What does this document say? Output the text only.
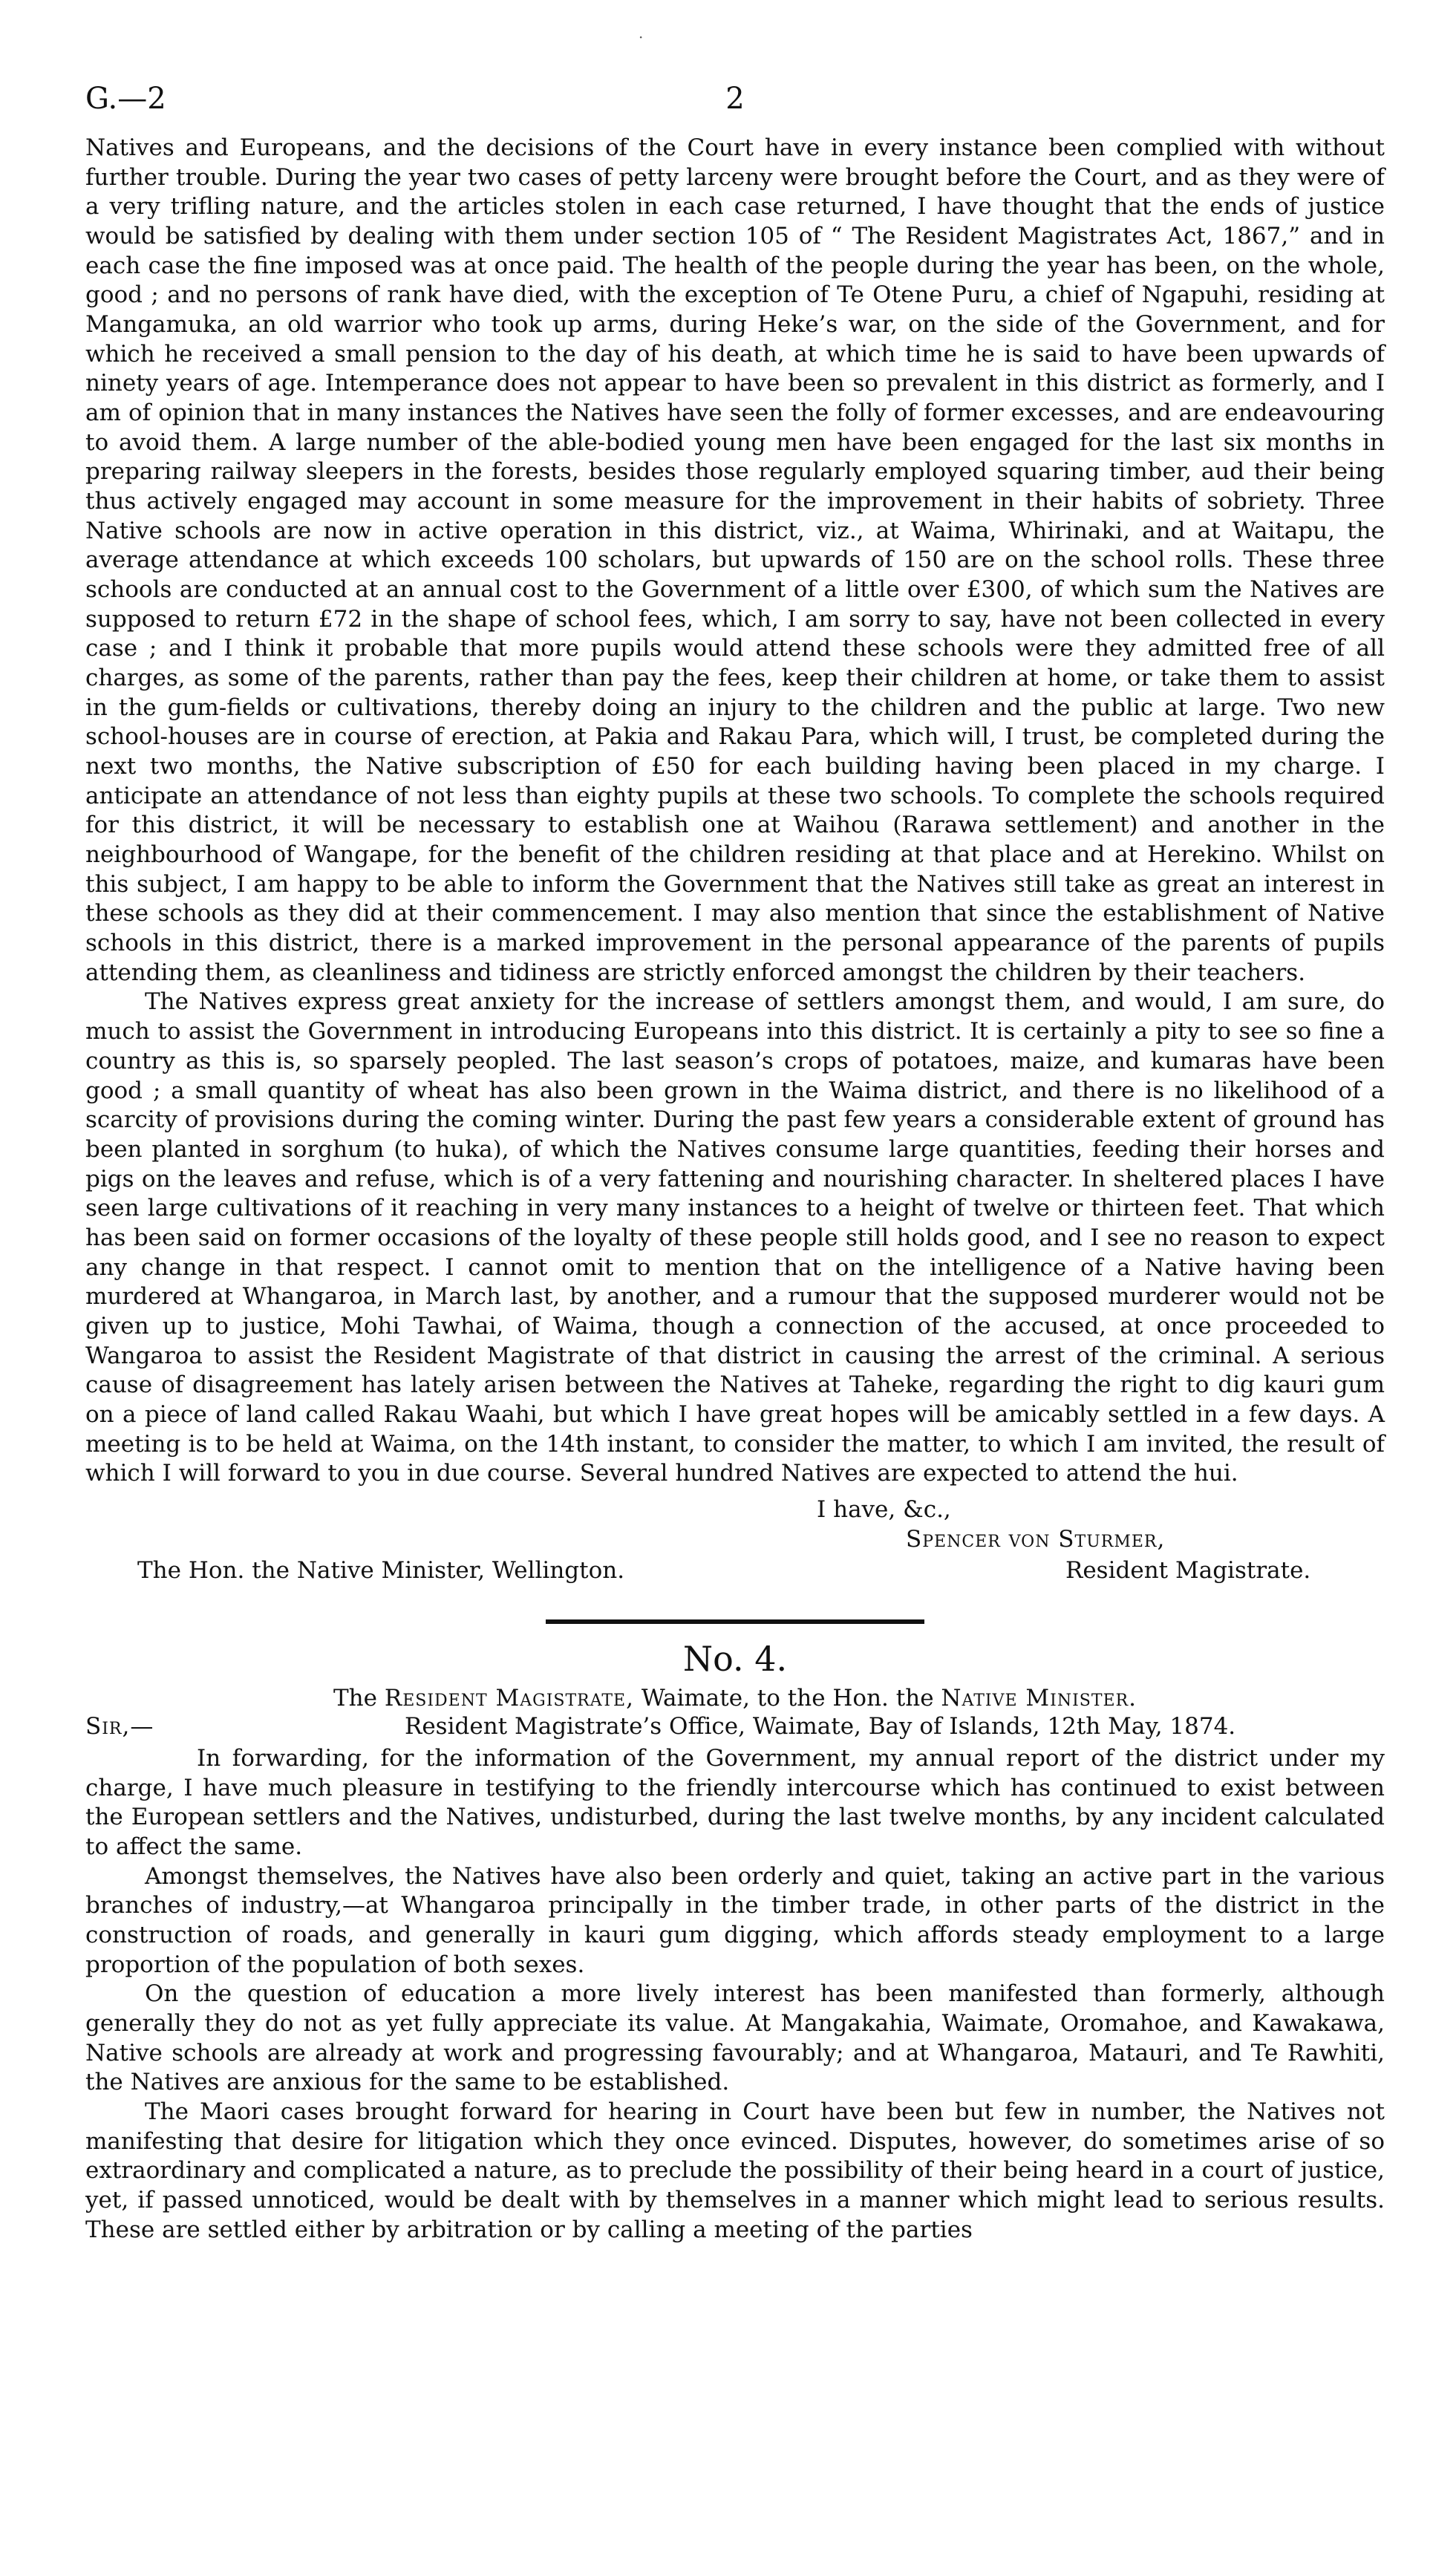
G.—2	2

Natives and Europeans, and the decisions of the Court have in every instance been complied with without further trouble. During the year two cases of petty larceny were brought before the Court, and as they were of a very trifling nature, and the articles stolen in each case returned, I have thought that the ends of justice would be satisfied by dealing with them under section 105 of “ The Resident Magistrates Act, 1867,” and in each case the fine imposed was at once paid. The health of the people during the year has been, on the whole, good ; and no persons of rank have died, with the exception of Te Otene Puru, a chief of Ngapuhi, residing at Mangamuka, an old warrior who took up arms, during Heke’s war, on the side of the Government, and for which he received a small pension to the day of his death, at which time he is said to have been upwards of ninety years of age. Intemperance does not appear to have been so prevalent in this district as formerly, and I am of opinion that in many instances the Natives have seen the folly of former excesses, and are endeavouring to avoid them. A large number of the able-bodied young men have been engaged for the last six months in preparing railway sleepers in the forests, besides those regularly employed squaring timber, aud their being thus actively engaged may account in some measure for the improvement in their habits of sobriety. Three Native schools are now in active operation in this district, viz., at Waima, Whirinaki, and at Waitapu, the average attendance at which exceeds 100 scholars, but upwards of 150 are on the school rolls. These three schools are conducted at an annual cost to the Government of a little over £300, of which sum the Natives are supposed to return £72 in the shape of school fees, which, I am sorry to say, have not been collected in every case ; and I think it probable that more pupils would attend these schools were they admitted free of all charges, as some of the parents, rather than pay the fees, keep their children at home, or take them to assist in the gum-fields or cultivations, thereby doing an injury to the children and the public at large. Two new school-houses are in course of erection, at Pakia and Rakau Para, which will, I trust, be completed during the next two months, the Native subscription of £50 for each building having been placed in my charge. I anticipate an attendance of not less than eighty pupils at these two schools. To complete the schools required for this district, it will be necessary to establish one at Waihou (Rarawa settlement) and another in the neighbourhood of Wangape, for the benefit of the children residing at that place and at Herekino. Whilst on this subject, I am happy to be able to inform the Government that the Natives still take as great an interest in these schools as they did at their commencement. I may also mention that since the establishment of Native schools in this district, there is a marked improvement in the personal appearance of the parents of pupils attending them, as cleanliness and tidiness are strictly enforced amongst the children by their teachers.

The Natives express great anxiety for the increase of settlers amongst them, and would, I am sure, do much to assist the Government in introducing Europeans into this district. It is certainly a pity to see so fine a country as this is, so sparsely peopled. The last season’s crops of potatoes, maize, and kumaras have been good ; a small quantity of wheat has also been grown in the Waima district, and there is no likelihood of a scarcity of provisions during the coming winter. During the past few years a considerable extent of ground has been planted in sorghum (to huka), of which the Natives consume large quantities, feeding their horses and pigs on the leaves and refuse, which is of a very fattening and nourishing character. In sheltered places I have seen large cultivations of it reaching in very many instances to a height of twelve or thirteen feet. That which has been said on former occasions of the loyalty of these people still holds good, and I see no reason to expect any change in that respect. I cannot omit to mention that on the intelligence of a Native having been murdered at Whangaroa, in March last, by another, and a rumour that the supposed murderer would not be given up to justice, Mohi Tawhai, of Waima, though a connection of the accused, at once proceeded to Wangaroa to assist the Resident Magistrate of that district in causing the arrest of the criminal. A serious cause of disagreement has lately arisen between the Natives at Taheke, regarding the right to dig kauri gum on a piece of land called Rakau Waahi, but which I have great hopes will be amicably settled in a few days. A meeting is to be held at Waima, on the 14th instant, to consider the matter, to which I am invited, the result of which I will forward to you in due course. Several hundred Natives are expected to attend the hui.

I have, &c.,
Spencer von Sturmer,
The Hon. the Native Minister, Wellington.	Resident Magistrate.
No. 4.
The Resident Magistrate, Waimate, to the Hon. the Native Minister.
Sir,—	Resident Magistrate’s Office, Waimate, Bay of Islands, 12th May, 1874.

In forwarding, for the information of the Government, my annual report of the district under my charge, I have much pleasure in testifying to the friendly intercourse which has continued to exist between the European settlers and the Natives, undisturbed, during the last twelve months, by any incident calculated to affect the same.

Amongst themselves, the Natives have also been orderly and quiet, taking an active part in the various branches of industry,—at Whangaroa principally in the timber trade, in other parts of the district in the construction of roads, and generally in kauri gum digging, which affords steady employment to a large proportion of the population of both sexes.

On the question of education a more lively interest has been manifested than formerly, although generally they do not as yet fully appreciate its value. At Mangakahia, Waimate, Oromahoe, and Kawakawa, Native schools are already at work and progressing favourably; and at Whangaroa, Matauri, and Te Rawhiti, the Natives are anxious for the same to be established.

The Maori cases brought forward for hearing in Court have been but few in number, the Natives not manifesting that desire for litigation which they once evinced. Disputes, however, do sometimes arise of so extraordinary and complicated a nature, as to preclude the possibility of their being heard in a court of justice, yet, if passed unnoticed, would be dealt with by themselves in a manner which might lead to serious results. These are settled either by arbitration or by calling a meeting of the parties

·
